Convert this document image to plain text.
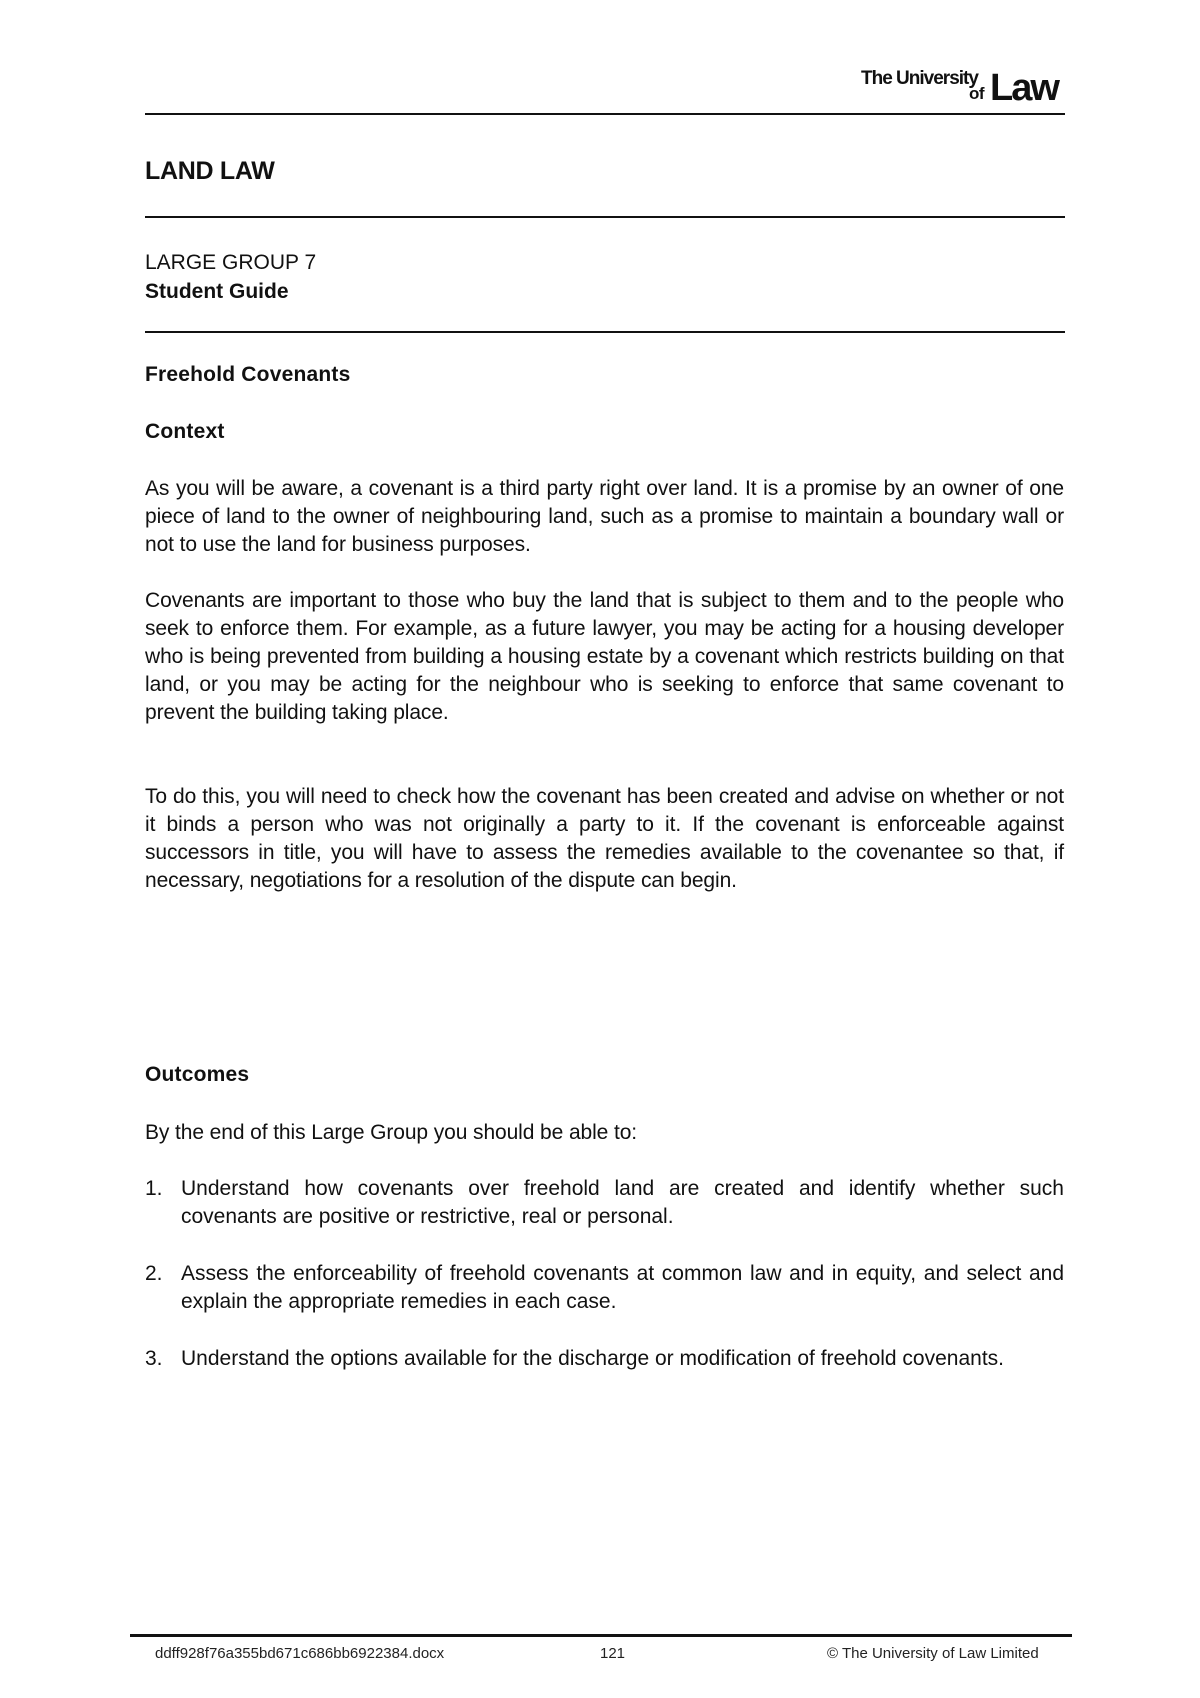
The University
of Law
LAND LAW
LARGE GROUP 7
Student Guide
Freehold Covenants
Context
As you will be aware, a covenant is a third party right over land. It is a promise by an owner of one piece of land to the owner of neighbouring land, such as a promise to maintain a boundary wall or not to use the land for business purposes.
Covenants are important to those who buy the land that is subject to them and to the people who seek to enforce them. For example, as a future lawyer, you may be acting for a housing developer who is being prevented from building a housing estate by a covenant which restricts building on that land, or you may be acting for the neighbour who is seeking to enforce that same covenant to prevent the building taking place.
To do this, you will need to check how the covenant has been created and advise on whether or not it binds a person who was not originally a party to it. If the covenant is enforceable against successors in title, you will have to assess the remedies available to the covenantee so that, if necessary, negotiations for a resolution of the dispute can begin.
Outcomes
By the end of this Large Group you should be able to:
1. Understand how covenants over freehold land are created and identify whether such covenants are positive or restrictive, real or personal.
2. Assess the enforceability of freehold covenants at common law and in equity, and select and explain the appropriate remedies in each case.
3. Understand the options available for the discharge or modification of freehold covenants.
ddff928f76a355bd671c686bb6922384.docx	121	© The University of Law Limited
